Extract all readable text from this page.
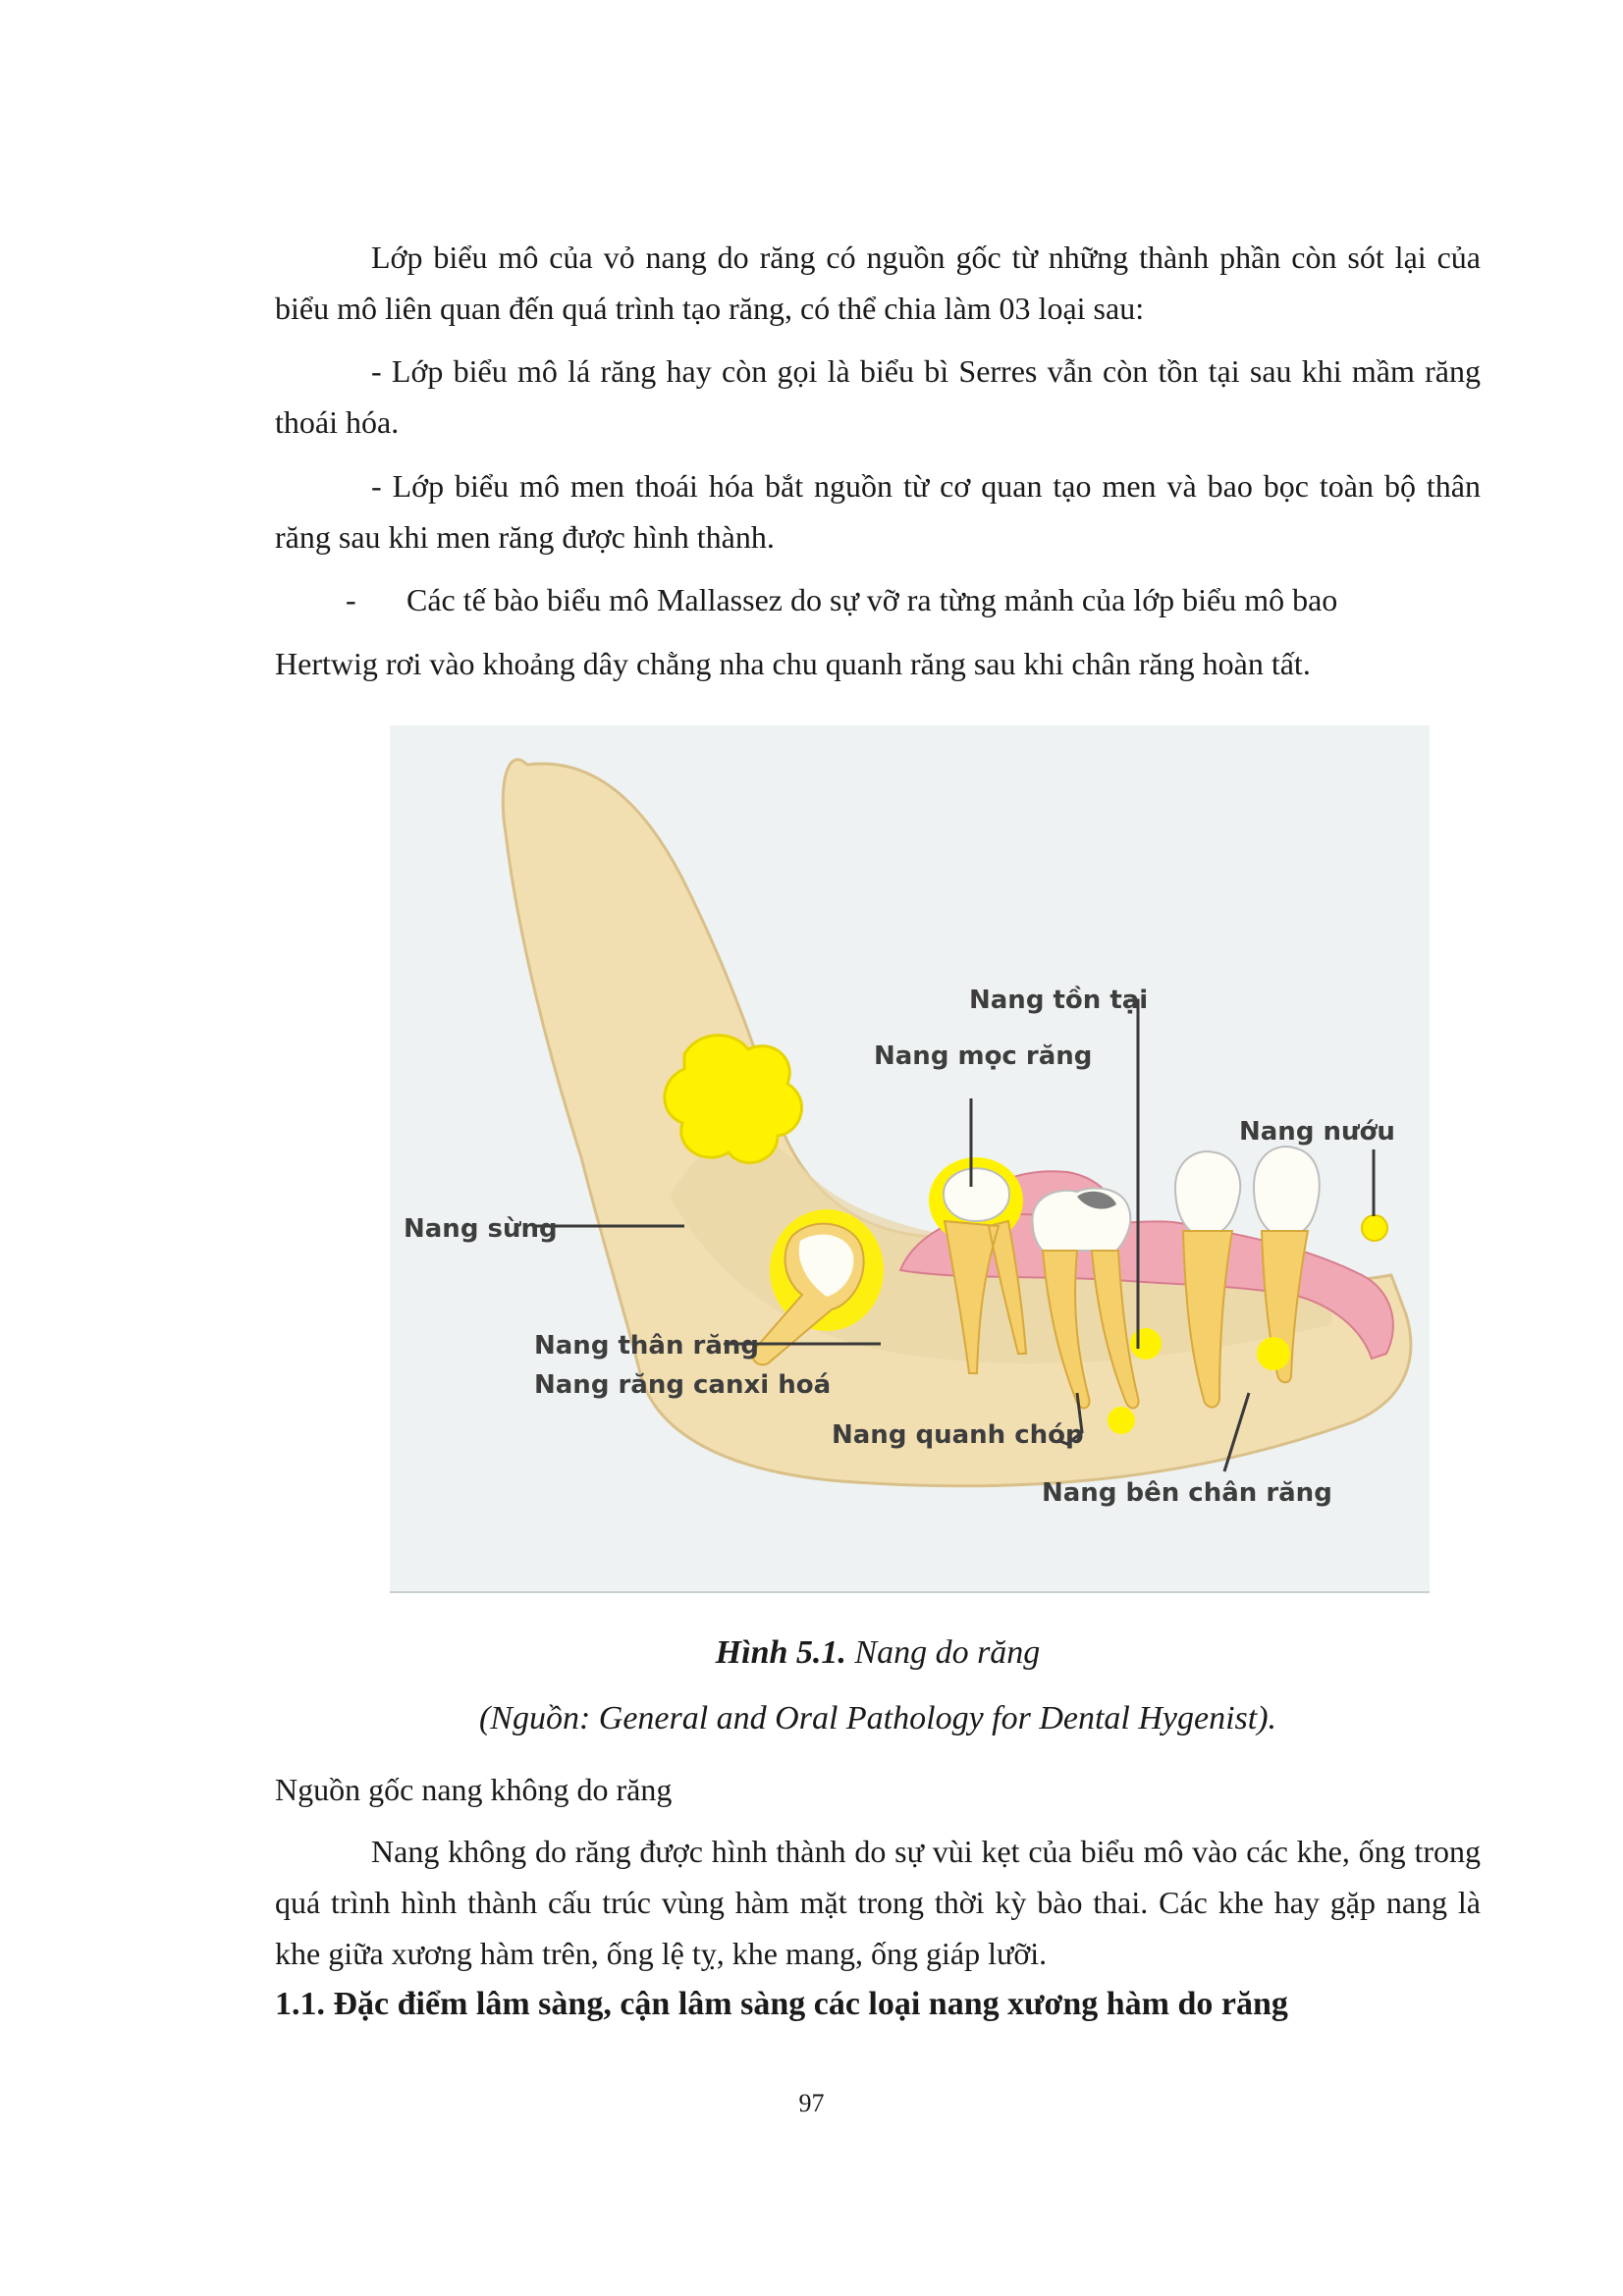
Lớp biểu mô của vỏ nang do răng có nguồn gốc từ những thành phần còn sót lại của biểu mô liên quan đến quá trình tạo răng, có thể chia làm 03 loại sau:

- Lớp biểu mô lá răng hay còn gọi là biểu bì Serres vẫn còn tồn tại sau khi mầm răng thoái hóa.

- Lớp biểu mô men thoái hóa bắt nguồn từ cơ quan tạo men và bao bọc toàn bộ thân răng sau khi men răng được hình thành.

- Các tế bào biểu mô Mallassez do sự vỡ ra từng mảnh của lớp biểu mô bao

Hertwig rơi vào khoảng dây chằng nha chu quanh răng sau khi chân răng hoàn tất.

Nang tồn tại
Nang mọc răng
Nang nướu
Nang sừng
Nang thân răng
Nang răng canxi hoá
Nang quanh chóp
Nang bên chân răng

Hình 5.1. Nang do răng

(Nguồn: General and Oral Pathology for Dental Hygenist).

Nguồn gốc nang không do răng

Nang không do răng được hình thành do sự vùi kẹt của biểu mô vào các khe, ống trong quá trình hình thành cấu trúc vùng hàm mặt trong thời kỳ bào thai. Các khe hay gặp nang là khe giữa xương hàm trên, ống lệ tỵ, khe mang, ống giáp lưỡi.

1.1. Đặc điểm lâm sàng, cận lâm sàng các loại nang xương hàm do răng

97
